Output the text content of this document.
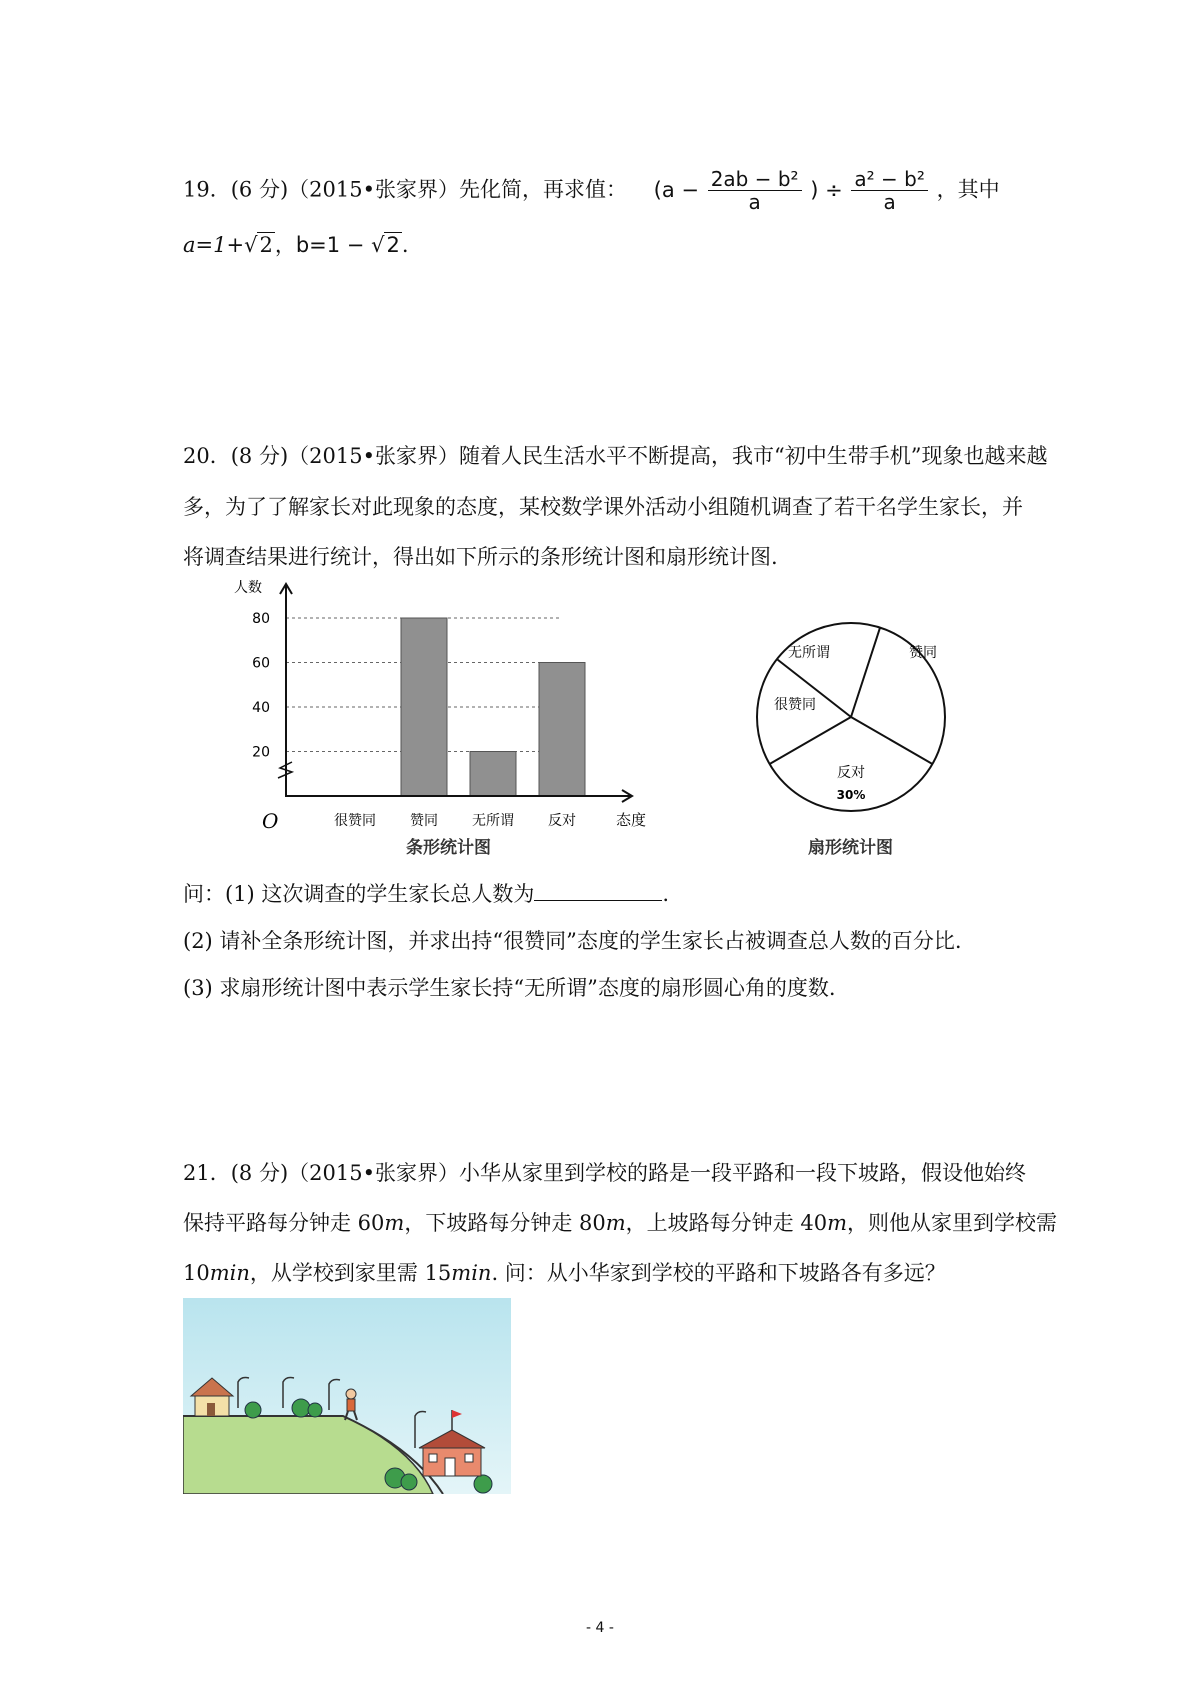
19．(6 分)（2015•张家界）先化简，再求值： ($a - \frac{\text{2ab − b²}}{a}$ ) ÷ $\frac{\text{a² − b²}}{a}$ ，其中
a=1+√2，b=1 − √2.
20．(8 分)（2015•张家界）随着人民生活水平不断提高，我市“初中生带手机”现象也越来越
多，为了了解家长对此现象的态度，某校数学课外活动小组随机调查了若干名学生家长，并
将调查结果进行统计，得出如下所示的条形统计图和扇形统计图.
20
40
60
80
很赞同 赞同 无所谓 反对
人数
态度
O
条形统计图
赞同
反对
30%
很赞同
无所谓
扇形统计图
问：(1) 这次调查的学生家长总人数为	.
(2) 请补全条形统计图，并求出持“很赞同”态度的学生家长占被调查总人数的百分比.
(3) 求扇形统计图中表示学生家长持“无所谓”态度的扇形圆心角的度数.
21．(8 分)（2015•张家界）小华从家里到学校的路是一段平路和一段下坡路，假设他始终
保持平路每分钟走 60m，下坡路每分钟走 80m，上坡路每分钟走 40m，则他从家里到学校需
10min，从学校到家里需 15min. 问：从小华家到学校的平路和下坡路各有多远？
- 4 -
